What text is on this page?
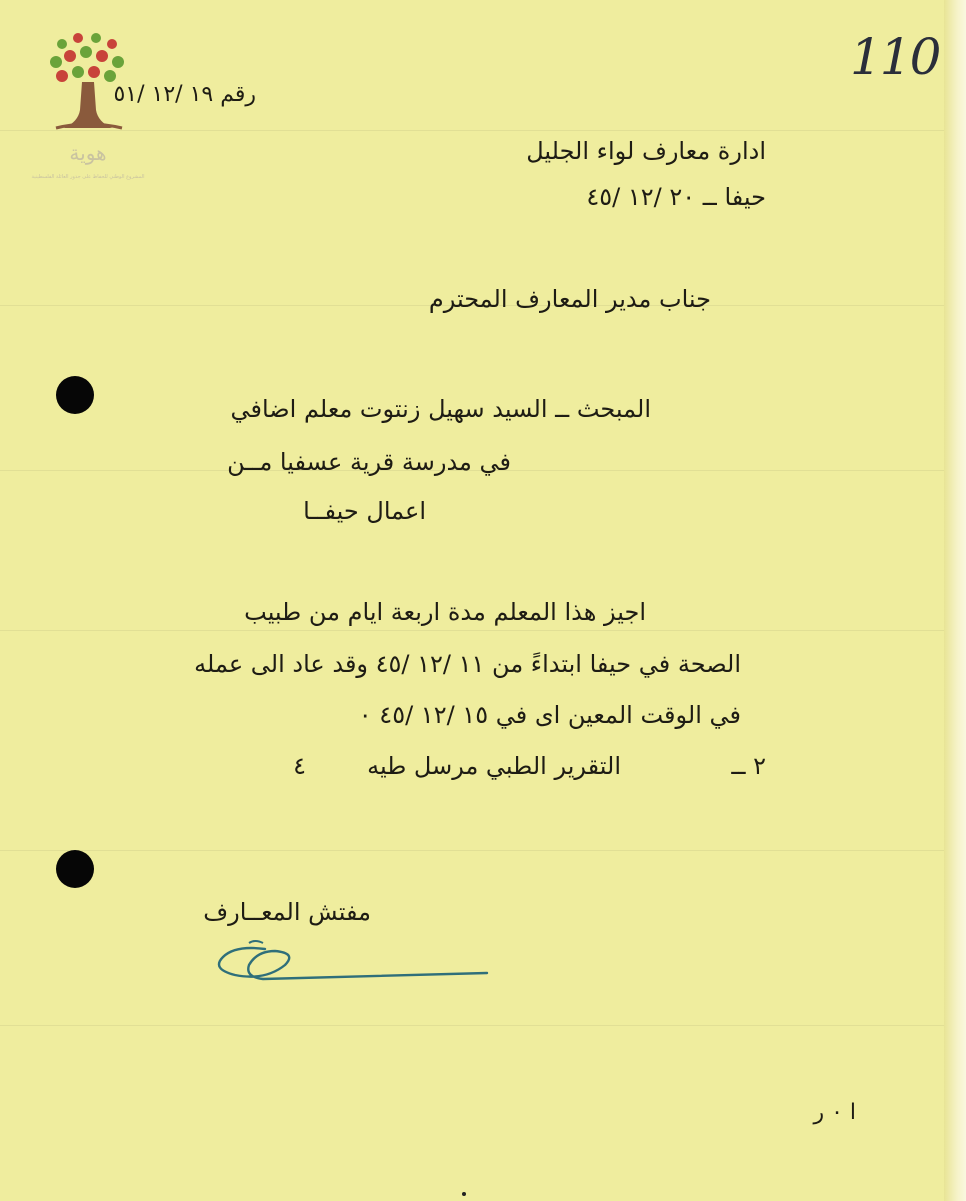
هوية
المشروع الوطني للحفاظ على جذور العائلة الفلسطينية
110
رقم ١٩ /١٢ /٥١
ادارة معارف لواء الجليل
حيفا ــ ٢٠ /١٢ /٤٥
جناب مدير المعارف المحترم
المبحث ــ السيد سهيل زنتوت معلم اضافي
في مدرسة قرية عسفيا مــن
اعمال حيفــا
اجيز هذا المعلم مدة اربعة ايام من طبيب
الصحة في حيفا ابتداءً من ١١ /١٢ /٤٥ وقد عاد الى عمله
في الوقت المعين اى في ١٥ /١٢ /٤٥ ٠
٢ ــ
التقرير الطبي مرسل طيه
٤
مفتش المعــارف
ا ٠ ر
